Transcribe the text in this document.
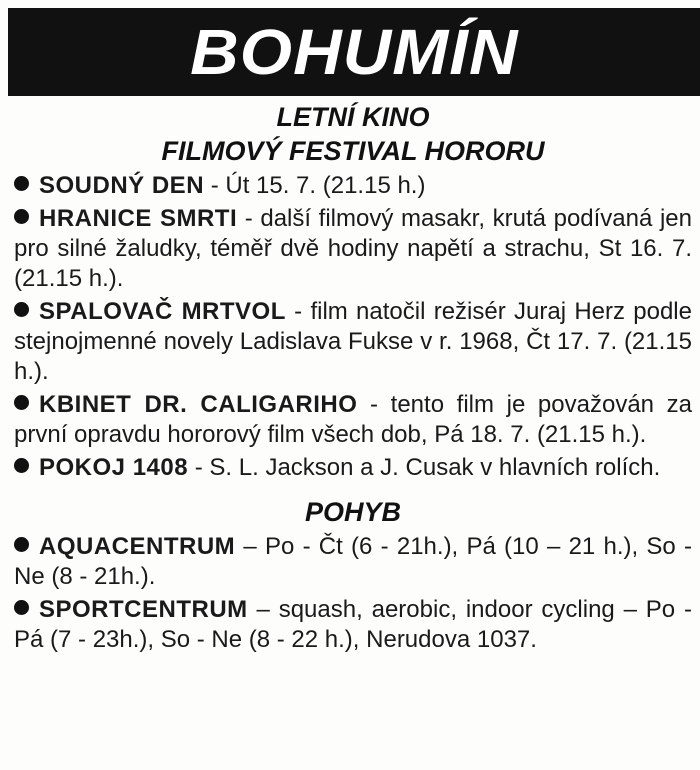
BOHUMÍN
LETNÍ KINO
FILMOVÝ FESTIVAL HORORU
SOUDNÝ DEN - Út 15. 7. (21.15 h.)
HRANICE SMRTI - další filmový masakr, krutá podívaná jen pro silné žaludky, téměř dvě hodiny napětí a strachu, St 16. 7. (21.15 h.).
SPALOVAČ MRTVOL - film natočil režisér Juraj Herz podle stejnojmenné novely Ladislava Fukse v r. 1968, Čt 17. 7. (21.15 h.).
KBINET DR. CALIGARIHO - tento film je považován za první opravdu hororový film všech dob, Pá 18. 7. (21.15 h.).
POKOJ 1408 - S. L. Jackson a J. Cusak v hlavních rolích.
POHYB
AQUACENTRUM – Po - Čt (6 - 21h.), Pá (10 – 21 h.), So - Ne (8 - 21h.).
SPORTCENTRUM – squash, aerobic, indoor cycling – Po - Pá (7 - 23h.), So - Ne (8 - 22 h.), Nerudova 1037.
